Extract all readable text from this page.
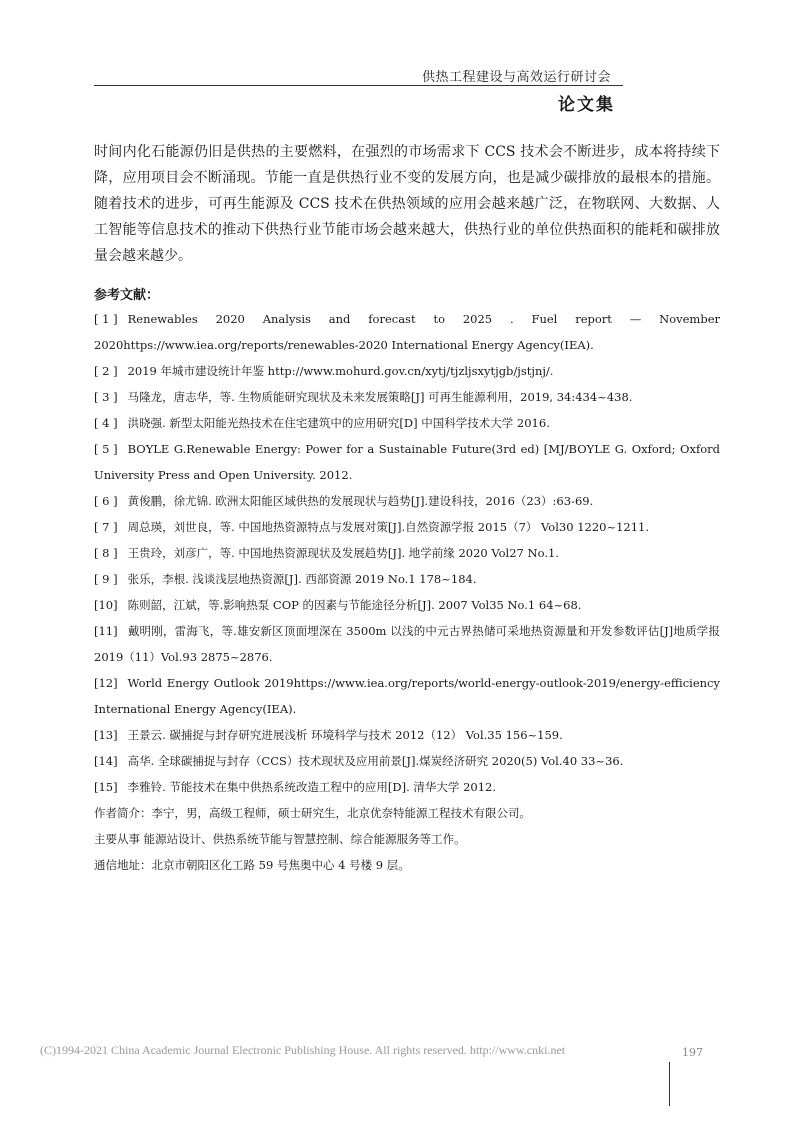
供热工程建设与高效运行研讨会
论文集

时间内化石能源仍旧是供热的主要燃料，在强烈的市场需求下 CCS 技术会不断进步，成本将持续下降，应用项目会不断涌现。节能一直是供热行业不变的发展方向，也是减少碳排放的最根本的措施。随着技术的进步，可再生能源及 CCS 技术在供热领域的应用会越来越广泛，在物联网、大数据、人工智能等信息技术的推动下供热行业节能市场会越来越大，供热行业的单位供热面积的能耗和碳排放量会越来越少。

参考文献：

[ 1 ] Renewables 2020 Analysis and forecast to 2025 . Fuel report — November 2020https://www.iea.org/reports/renewables-2020 International Energy Agency(IEA).

[ 2 ] 2019 年城市建设统计年鉴 http://www.mohurd.gov.cn/xytj/tjzljsxytjgb/jstjnj/.

[ 3 ] 马隆龙，唐志华，等. 生物质能研究现状及未来发展策略[J] 可再生能源利用，2019, 34:434~438.

[ 4 ] 洪晓强. 新型太阳能光热技术在住宅建筑中的应用研究[D] 中国科学技术大学 2016.

[ 5 ] BOYLE G.Renewable Energy: Power for a Sustainable Future(3rd ed) [MJ/BOYLE G. Oxford; Oxford University Press and Open University. 2012.

[ 6 ] 黄俊鹏，徐尤锦. 欧洲太阳能区域供热的发展现状与趋势[J].建设科技，2016（23）:63-69.

[ 7 ] 周总瑛，刘世良，等. 中国地热资源特点与发展对策[J].自然资源学报 2015（7） Vol30 1220~1211.

[ 8 ] 王贵玲，刘彦广，等. 中国地热资源现状及发展趋势[J]. 地学前缘 2020 Vol27 No.1.

[ 9 ] 张乐，李根. 浅谈浅层地热资源[J]. 西部资源 2019 No.1 178~184.

[10] 陈则韶，江斌，等.影响热泵 COP 的因素与节能途径分析[J]. 2007 Vol35 No.1 64~68.

[11] 戴明刚，雷海飞，等.雄安新区顶面埋深在 3500m 以浅的中元古界热储可采地热资源量和开发参数评估[J]地质学报 2019（11）Vol.93 2875~2876.

[12] World Energy Outlook 2019https://www.iea.org/reports/world-energy-outlook-2019/energy-efficiency International Energy Agency(IEA).

[13] 王景云. 碳捕捉与封存研究进展浅析 环境科学与技术 2012（12） Vol.35 156~159.

[14] 高华. 全球碳捕捉与封存（CCS）技术现状及应用前景[J].煤炭经济研究 2020(5) Vol.40 33~36.

[15] 李雅铃. 节能技术在集中供热系统改造工程中的应用[D]. 清华大学 2012.

作者简介：李宁，男，高级工程师，硕士研究生，北京优奈特能源工程技术有限公司。

主要从事 能源站设计、供热系统节能与智慧控制、综合能源服务等工作。

通信地址：北京市朝阳区化工路 59 号焦奥中心 4 号楼 9 层。

(C)1994-2021 China Academic Journal Electronic Publishing House. All rights reserved. http://www.cnki.net	197
